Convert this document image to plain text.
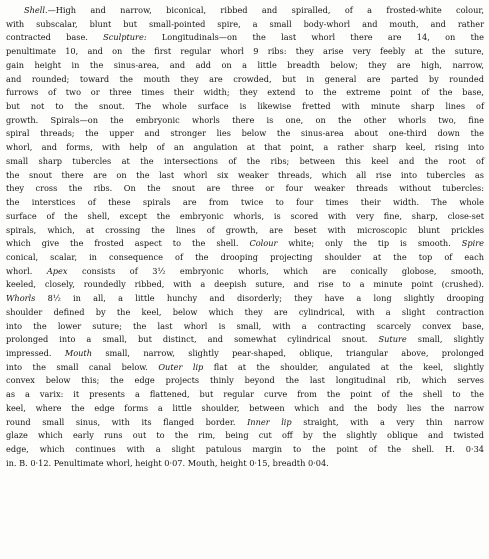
Shell.—High and narrow, biconical, ribbed and spiralled, of a frosted-white colour,
with subscalar, blunt but small-pointed spire, a small body-whorl and mouth, and rather
contracted base. Sculpture: Longitudinals—on the last whorl there are 14, on the
penultimate 10, and on the first regular whorl 9 ribs: they arise very feebly at the suture,
gain height in the sinus-area, and add on a little breadth below; they are high, narrow,
and rounded; toward the mouth they are crowded, but in general are parted by rounded
furrows of two or three times their width; they extend to the extreme point of the base,
but not to the snout. The whole surface is likewise fretted with minute sharp lines of
growth. Spirals—on the embryonic whorls there is one, on the other whorls two, fine
spiral threads; the upper and stronger lies below the sinus-area about one-third down the
whorl, and forms, with help of an angulation at that point, a rather sharp keel, rising into
small sharp tubercles at the intersections of the ribs; between this keel and the root of
the snout there are on the last whorl six weaker threads, which all rise into tubercles as
they cross the ribs. On the snout are three or four weaker threads without tubercles:
the interstices of these spirals are from twice to four times their width. The whole
surface of the shell, except the embryonic whorls, is scored with very fine, sharp, close-set
spirals, which, at crossing the lines of growth, are beset with microscopic blunt prickles
which give the frosted aspect to the shell. Colour white; only the tip is smooth. Spire
conical, scalar, in consequence of the drooping projecting shoulder at the top of each
whorl. Apex consists of 3½ embryonic whorls, which are conically globose, smooth,
keeled, closely, roundedly ribbed, with a deepish suture, and rise to a minute point (crushed).
Whorls 8½ in all, a little hunchy and disorderly; they have a long slightly drooping
shoulder defined by the keel, below which they are cylindrical, with a slight contraction
into the lower suture; the last whorl is small, with a contracting scarcely convex base,
prolonged into a small, but distinct, and somewhat cylindrical snout. Suture small, slightly
impressed. Mouth small, narrow, slightly pear-shaped, oblique, triangular above, prolonged
into the small canal below. Outer lip flat at the shoulder, angulated at the keel, slightly
convex below this; the edge projects thinly beyond the last longitudinal rib, which serves
as a varix: it presents a flattened, but regular curve from the point of the shell to the
keel, where the edge forms a little shoulder, between which and the body lies the narrow
round small sinus, with its flanged border. Inner lip straight, with a very thin narrow
glaze which early runs out to the rim, being cut off by the slightly oblique and twisted
edge, which continues with a slight patulous margin to the point of the shell. H. 0·34
in. B. 0·12. Penultimate whorl, height 0·07. Mouth, height 0·15, breadth 0·04.
